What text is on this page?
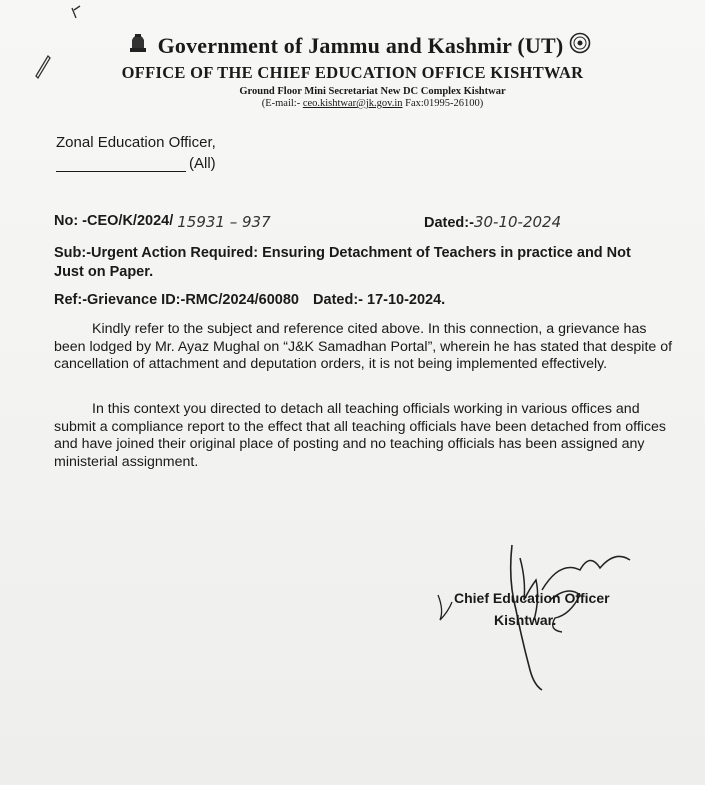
Government of Jammu and Kashmir (UT)
OFFICE OF THE CHIEF EDUCATION OFFICE KISHTWAR
Ground Floor Mini Secretariat New DC Complex Kishtwar
(E-mail:- ceo.kishtwar@jk.gov.in Fax:01995-26100)
Zonal Education Officer,
(All)
No: -CEO/K/2024/ 15931 – 937	Dated:-30-10-2024
Sub:-Urgent Action Required: Ensuring Detachment of Teachers in practice and Not Just on Paper.
Ref:-Grievance ID:-RMC/2024/60080 Dated:- 17-10-2024.

Kindly refer to the subject and reference cited above. In this connection, a grievance has been lodged by Mr. Ayaz Mughal on “J&K Samadhan Portal”, wherein he has stated that despite of cancellation of attachment and deputation orders, it is not being implemented effectively.

In this context you directed to detach all teaching officials working in various offices and submit a compliance report to the effect that all teaching officials have been detached from offices and have joined their original place of posting and no teaching officials has been assigned any ministerial assignment.

Chief Education Officer
Kishtwar.
